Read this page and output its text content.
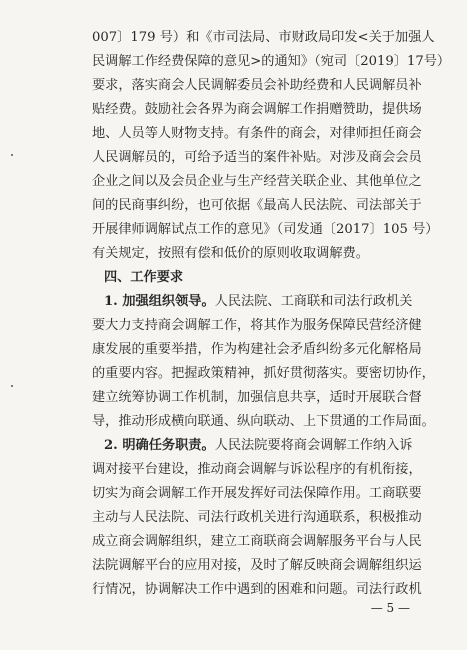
007〕179 号）和《市司法局、市财政局印发<关于加强人
民调解工作经费保障的意见>的通知》（宛司〔2019〕17号）
要求，落实商会人民调解委员会补助经费和人民调解员补
贴经费。鼓励社会各界为商会调解工作捐赠赞助，提供场
地、人员等人财物支持。有条件的商会，对律师担任商会
人民调解员的，可给予适当的案件补贴。对涉及商会会员
企业之间以及会员企业与生产经营关联企业、其他单位之
间的民商事纠纷，也可依据《最高人民法院、司法部关于
开展律师调解试点工作的意见》（司发通〔2017〕105 号）
有关规定，按照有偿和低价的原则收取调解费。
四、工作要求
1. 加强组织领导。人民法院、工商联和司法行政机关
要大力支持商会调解工作，将其作为服务保障民营经济健
康发展的重要举措，作为构建社会矛盾纠纷多元化解格局
的重要内容。把握政策精神，抓好贯彻落实。要密切协作，
建立统筹协调工作机制，加强信息共享，适时开展联合督
导，推动形成横向联通、纵向联动、上下贯通的工作局面。
2. 明确任务职责。人民法院要将商会调解工作纳入诉
调对接平台建设，推动商会调解与诉讼程序的有机衔接，
切实为商会调解工作开展发挥好司法保障作用。工商联要
主动与人民法院、司法行政机关进行沟通联系，积极推动
成立商会调解组织，建立工商联商会调解服务平台与人民
法院调解平台的应用对接，及时了解反映商会调解组织运
行情况，协调解决工作中遇到的困难和问题。司法行政机
— 5 —
